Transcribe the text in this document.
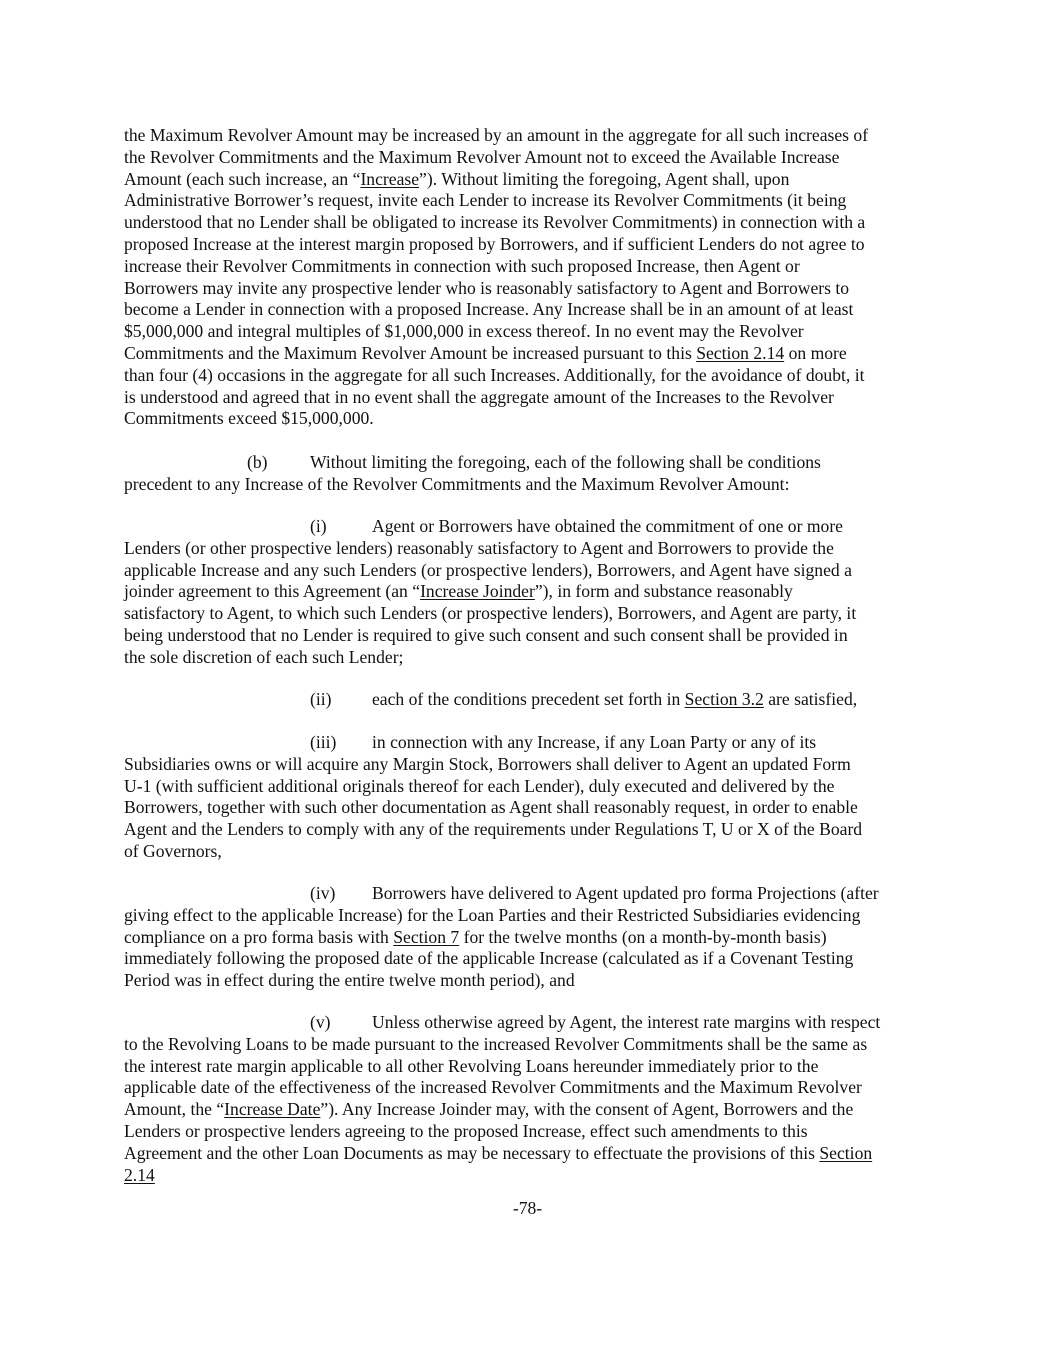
the Maximum Revolver Amount may be increased by an amount in the aggregate for all such increases of
the Revolver Commitments and the Maximum Revolver Amount not to exceed the Available Increase
Amount (each such increase, an “Increase”). Without limiting the foregoing, Agent shall, upon
Administrative Borrower’s request, invite each Lender to increase its Revolver Commitments (it being
understood that no Lender shall be obligated to increase its Revolver Commitments) in connection with a
proposed Increase at the interest margin proposed by Borrowers, and if sufficient Lenders do not agree to
increase their Revolver Commitments in connection with such proposed Increase, then Agent or
Borrowers may invite any prospective lender who is reasonably satisfactory to Agent and Borrowers to
become a Lender in connection with a proposed Increase. Any Increase shall be in an amount of at least
$5,000,000 and integral multiples of $1,000,000 in excess thereof. In no event may the Revolver
Commitments and the Maximum Revolver Amount be increased pursuant to this Section 2.14 on more
than four (4) occasions in the aggregate for all such Increases. Additionally, for the avoidance of doubt, it
is understood and agreed that in no event shall the aggregate amount of the Increases to the Revolver
Commitments exceed $15,000,000.
(b) Without limiting the foregoing, each of the following shall be conditions
precedent to any Increase of the Revolver Commitments and the Maximum Revolver Amount:
(i)	Agent or Borrowers have obtained the commitment of one or more
Lenders (or other prospective lenders) reasonably satisfactory to Agent and Borrowers to provide the
applicable Increase and any such Lenders (or prospective lenders), Borrowers, and Agent have signed a
joinder agreement to this Agreement (an “Increase Joinder”), in form and substance reasonably
satisfactory to Agent, to which such Lenders (or prospective lenders), Borrowers, and Agent are party, it
being understood that no Lender is required to give such consent and such consent shall be provided in
the sole discretion of each such Lender;
(ii) each of the conditions precedent set forth in Section 3.2 are satisfied,
(iii) in connection with any Increase, if any Loan Party or any of its
Subsidiaries owns or will acquire any Margin Stock, Borrowers shall deliver to Agent an updated Form
U-1 (with sufficient additional originals thereof for each Lender), duly executed and delivered by the
Borrowers, together with such other documentation as Agent shall reasonably request, in order to enable
Agent and the Lenders to comply with any of the requirements under Regulations T, U or X of the Board
of Governors,
(iv) Borrowers have delivered to Agent updated pro forma Projections (after
giving effect to the applicable Increase) for the Loan Parties and their Restricted Subsidiaries evidencing
compliance on a pro forma basis with Section 7 for the twelve months (on a month-by-month basis)
immediately following the proposed date of the applicable Increase (calculated as if a Covenant Testing
Period was in effect during the entire twelve month period), and
(v) Unless otherwise agreed by Agent, the interest rate margins with respect
to the Revolving Loans to be made pursuant to the increased Revolver Commitments shall be the same as
the interest rate margin applicable to all other Revolving Loans hereunder immediately prior to the
applicable date of the effectiveness of the increased Revolver Commitments and the Maximum Revolver
Amount, the “Increase Date”). Any Increase Joinder may, with the consent of Agent, Borrowers and the
Lenders or prospective lenders agreeing to the proposed Increase, effect such amendments to this
Agreement and the other Loan Documents as may be necessary to effectuate the provisions of this Section
2.14
-78-
